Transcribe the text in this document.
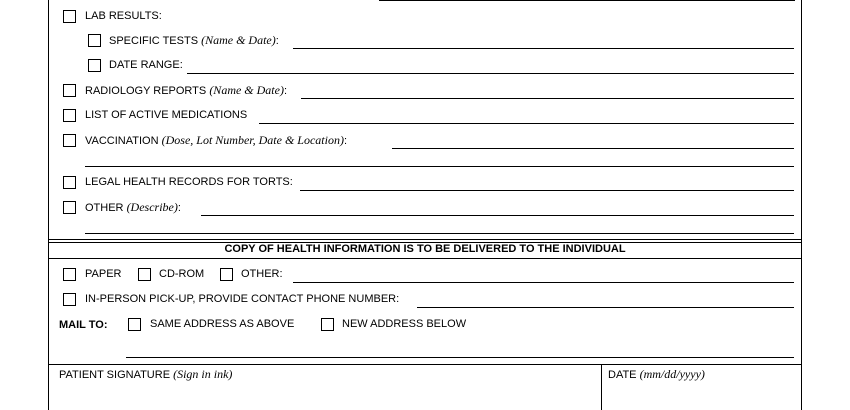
LAB RESULTS:
SPECIFIC TESTS (Name & Date):
DATE RANGE:
RADIOLOGY REPORTS (Name & Date):
LIST OF ACTIVE MEDICATIONS
VACCINATION (Dose, Lot Number, Date & Location):
LEGAL HEALTH RECORDS FOR TORTS:
OTHER (Describe):
COPY OF HEALTH INFORMATION IS TO BE DELIVERED TO THE INDIVIDUAL
PAPER	CD-ROM	OTHER:
IN-PERSON PICK-UP, PROVIDE CONTACT PHONE NUMBER:
MAIL TO:	SAME ADDRESS AS ABOVE	NEW ADDRESS BELOW
PATIENT SIGNATURE (Sign in ink)	DATE (mm/dd/yyyy)
